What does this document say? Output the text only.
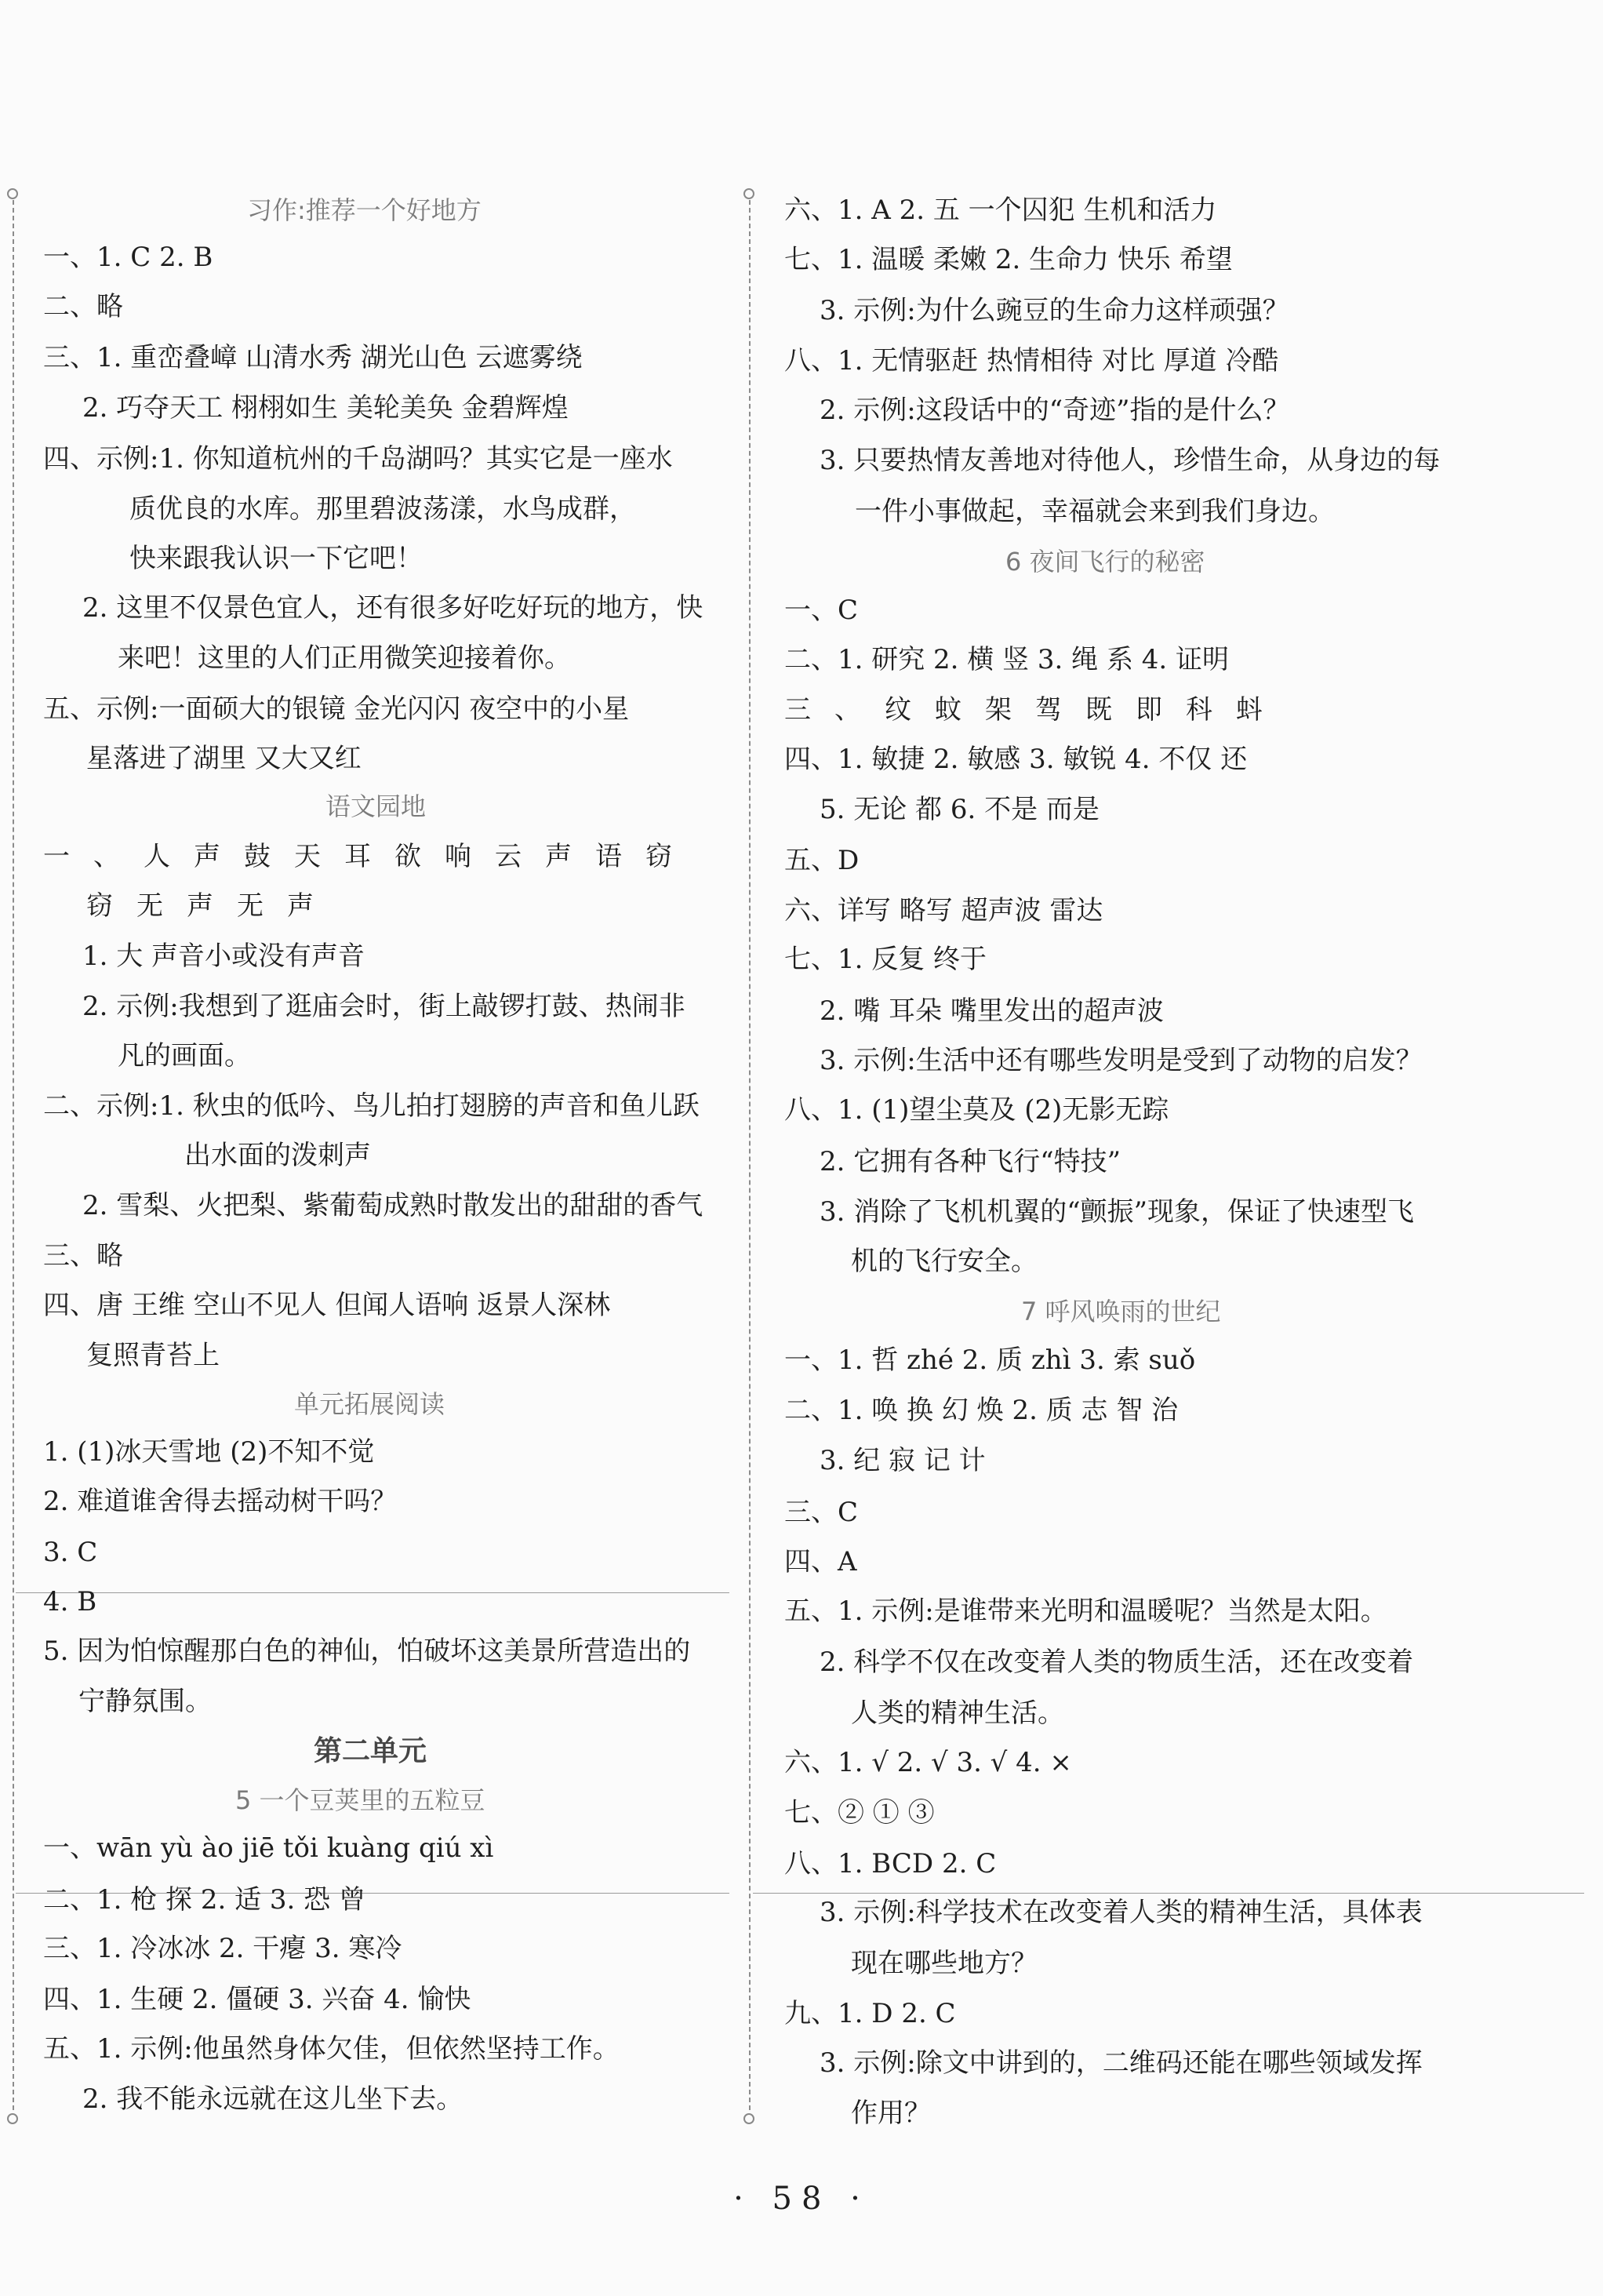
习作:推荐一个好地方
一、1. C 2. B
二、略
三、1. 重峦叠嶂 山清水秀 湖光山色 云遮雾绕
2. 巧夺天工 栩栩如生 美轮美奂 金碧辉煌
四、示例:1. 你知道杭州的千岛湖吗？其实它是一座水
质优良的水库。那里碧波荡漾，水鸟成群，
快来跟我认识一下它吧！
2. 这里不仅景色宜人，还有很多好吃好玩的地方，快
来吧！这里的人们正用微笑迎接着你。
五、示例:一面硕大的银镜 金光闪闪 夜空中的小星
星落进了湖里 又大又红
语文园地
一、人声鼓天耳欲响云声语窃
窃无声无声
1. 大 声音小或没有声音
2. 示例:我想到了逛庙会时，街上敲锣打鼓、热闹非
凡的画面。
二、示例:1. 秋虫的低吟、鸟儿拍打翅膀的声音和鱼儿跃
出水面的泼刺声
2. 雪梨、火把梨、紫葡萄成熟时散发出的甜甜的香气
三、略
四、唐 王维 空山不见人 但闻人语响 返景人深林
复照青苔上
单元拓展阅读
1. (1)冰天雪地 (2)不知不觉
2. 难道谁舍得去摇动树干吗？
3. C
4. B
5. 因为怕惊醒那白色的神仙，怕破坏这美景所营造出的
宁静氛围。
第二单元
5 一个豆荚里的五粒豆
一、wān yù ào jiē tǒi kuàng qiú xì
二、1. 枪 探 2. 适 3. 恐 曾
三、1. 冷冰冰 2. 干瘪 3. 寒冷
四、1. 生硬 2. 僵硬 3. 兴奋 4. 愉快
五、1. 示例:他虽然身体欠佳，但依然坚持工作。
2. 我不能永远就在这儿坐下去。
六、1. A 2. 五 一个囚犯 生机和活力
七、1. 温暖 柔嫩 2. 生命力 快乐 希望
3. 示例:为什么豌豆的生命力这样顽强？
八、1. 无情驱赶 热情相待 对比 厚道 冷酷
2. 示例:这段话中的“奇迹”指的是什么？
3. 只要热情友善地对待他人，珍惜生命，从身边的每
一件小事做起，幸福就会来到我们身边。
6 夜间飞行的秘密
一、C
二、1. 研究 2. 横 竖 3. 绳 系 4. 证明
三、纹蚊架驾既即科蚪
四、1. 敏捷 2. 敏感 3. 敏锐 4. 不仅 还
5. 无论 都 6. 不是 而是
五、D
六、详写 略写 超声波 雷达
七、1. 反复 终于
2. 嘴 耳朵 嘴里发出的超声波
3. 示例:生活中还有哪些发明是受到了动物的启发？
八、1. (1)望尘莫及 (2)无影无踪
2. 它拥有各种飞行“特技”
3. 消除了飞机机翼的“颤振”现象，保证了快速型飞
机的飞行安全。
7 呼风唤雨的世纪
一、1. 哲 zhé 2. 质 zhì 3. 索 suǒ
二、1. 唤 换 幻 焕 2. 质 志 智 治
3. 纪 寂 记 计
三、C
四、A
五、1. 示例:是谁带来光明和温暖呢？当然是太阳。
2. 科学不仅在改变着人类的物质生活，还在改变着
人类的精神生活。
六、1. √ 2. √ 3. √ 4. ×
七、② ① ③
八、1. BCD 2. C
3. 示例:科学技术在改变着人类的精神生活，具体表
现在哪些地方？
九、1. D 2. C
3. 示例:除文中讲到的，二维码还能在哪些领域发挥
作用？
· 58 ·
